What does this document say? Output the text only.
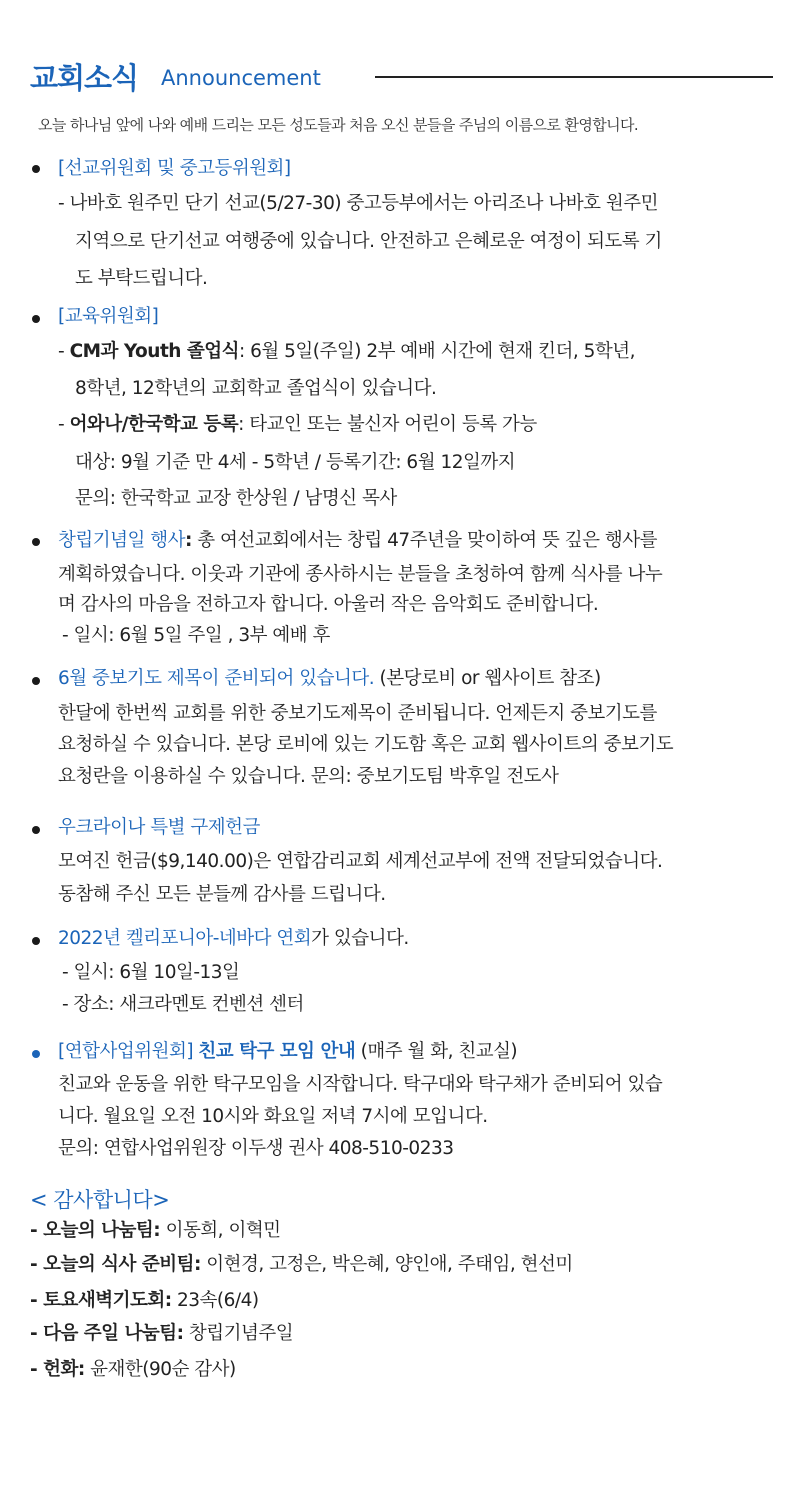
교회소식 Announcement
오늘 하나님 앞에 나와 예배 드리는 모든 성도들과 처음 오신 분들을 주님의 이름으로 환영합니다.
[선교위원회 및 중고등위원회]
- 나바호 원주민 단기 선교(5/27-30) 중고등부에서는 아리조나 나바호 원주민
지역으로 단기선교 여행중에 있습니다. 안전하고 은혜로운 여정이 되도록 기
도 부탁드립니다.
[교육위원회]
- CM과 Youth 졸업식: 6월 5일(주일) 2부 예배 시간에 현재 킨더, 5학년,
8학년, 12학년의 교회학교 졸업식이 있습니다.
- 어와나/한국학교 등록: 타교인 또는 불신자 어린이 등록 가능
대상: 9월 기준 만 4세 - 5학년 / 등록기간: 6월 12일까지
문의: 한국학교 교장 한상원 / 남명신 목사
창립기념일 행사: 총 여선교회에서는 창립 47주년을 맞이하여 뜻 깊은 행사를
계획하였습니다. 이웃과 기관에 종사하시는 분들을 초청하여 함께 식사를 나누
며 감사의 마음을 전하고자 합니다. 아울러 작은 음악회도 준비합니다.
- 일시: 6월 5일 주일 , 3부 예배 후
6월 중보기도 제목이 준비되어 있습니다. (본당로비 or 웹사이트 참조)
한달에 한번씩 교회를 위한 중보기도제목이 준비됩니다. 언제든지 중보기도를
요청하실 수 있습니다. 본당 로비에 있는 기도함 혹은 교회 웹사이트의 중보기도
요청란을 이용하실 수 있습니다. 문의: 중보기도팀 박후일 전도사
우크라이나 특별 구제헌금
모여진 헌금($9,140.00)은 연합감리교회 세계선교부에 전액 전달되었습니다.
동참해 주신 모든 분들께 감사를 드립니다.
2022년 켈리포니아-네바다 연회가 있습니다.
- 일시: 6월 10일-13일
- 장소: 새크라멘토 컨벤션 센터
[연합사업위원회] 친교 탁구 모임 안내 (매주 월 화, 친교실)
친교와 운동을 위한 탁구모임을 시작합니다. 탁구대와 탁구채가 준비되어 있습
니다. 월요일 오전 10시와 화요일 저녁 7시에 모입니다.
문의: 연합사업위원장 이두생 권사 408-510-0233
< 감사합니다>
- 오늘의 나눔팀: 이동희, 이혁민
- 오늘의 식사 준비팀: 이현경, 고정은, 박은혜, 양인애, 주태임, 현선미
- 토요새벽기도회: 23속(6/4)
- 다음 주일 나눔팀: 창립기념주일
- 헌화: 윤재한(90순 감사)
